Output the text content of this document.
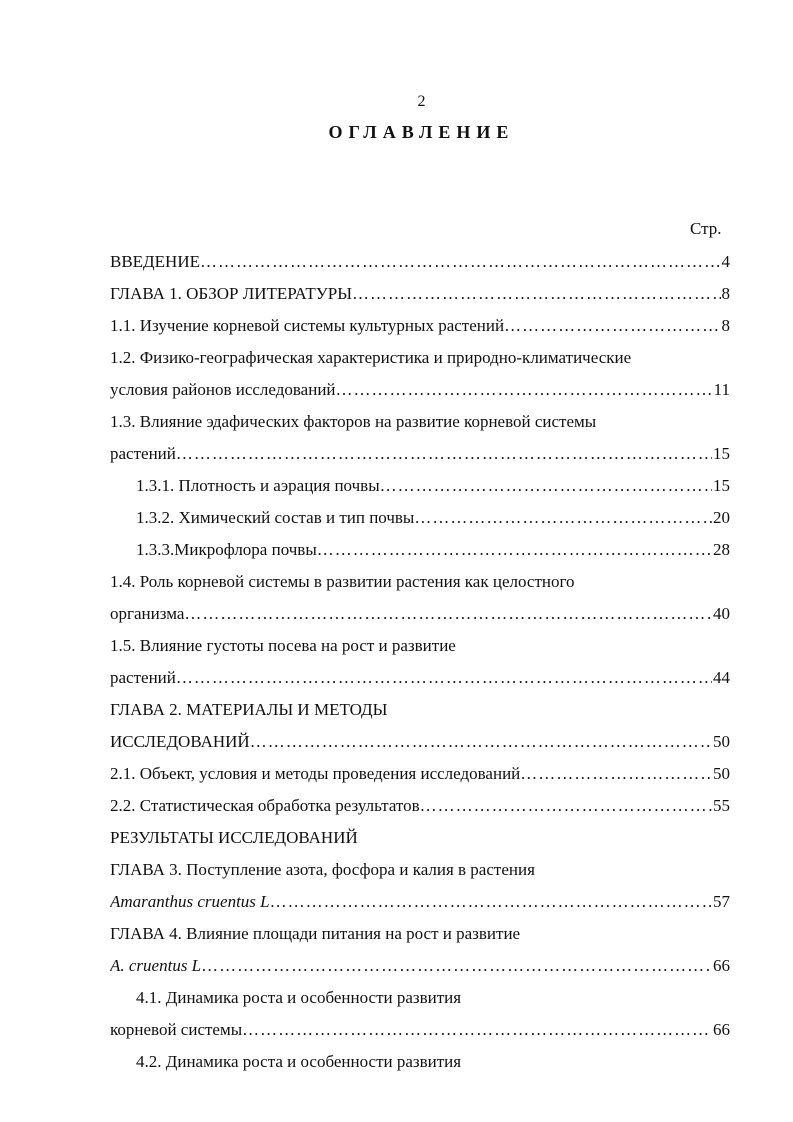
2
ОГЛАВЛЕНИЕ
Стр.
ВВЕДЕНИЕ ……………………………………………………………………………………………………………………………………………………………………………………	4
ГЛАВА 1. ОБЗОР ЛИТЕРАТУРЫ ……………………………………………………………………………………………………………………………………………………………………………………	8
1.1. Изучение корневой системы культурных растений ……………………………………………………………………………………………………………………………………………………………………………………	8
1.2. Физико-географическая характеристика и природно-климатические
условия районов исследований ……………………………………………………………………………………………………………………………………………………………………………………	11
1.3. Влияние эдафических факторов на развитие корневой системы
растений ……………………………………………………………………………………………………………………………………………………………………………………	15
1.3.1. Плотность и аэрация почвы ……………………………………………………………………………………………………………………………………………………………………………………	15
1.3.2. Химический состав и тип почвы ……………………………………………………………………………………………………………………………………………………………………………………	20
1.3.3.Микрофлора почвы ……………………………………………………………………………………………………………………………………………………………………………………	28
1.4. Роль корневой системы в развитии растения как целостного
организма ……………………………………………………………………………………………………………………………………………………………………………………	40
1.5. Влияние густоты посева на рост и развитие
растений ……………………………………………………………………………………………………………………………………………………………………………………	44
ГЛАВА 2. МАТЕРИАЛЫ И МЕТОДЫ
ИССЛЕДОВАНИЙ ……………………………………………………………………………………………………………………………………………………………………………………	50
2.1. Объект, условия и методы проведения исследований ……………………………………………………………………………………………………………………………………………………………………………………	50
2.2. Статистическая обработка результатов ……………………………………………………………………………………………………………………………………………………………………………………	55
РЕЗУЛЬТАТЫ ИССЛЕДОВАНИЙ
ГЛАВА 3. Поступление азота, фосфора и калия в растения
Amaranthus cruentus L ……………………………………………………………………………………………………………………………………………………………………………………	57
ГЛАВА 4. Влияние площади питания на рост и развитие
A. cruentus L ……………………………………………………………………………………………………………………………………………………………………………………	66
4.1. Динамика роста и особенности развития
корневой системы ……………………………………………………………………………………………………………………………………………………………………………………	66
4.2. Динамика роста и особенности развития
